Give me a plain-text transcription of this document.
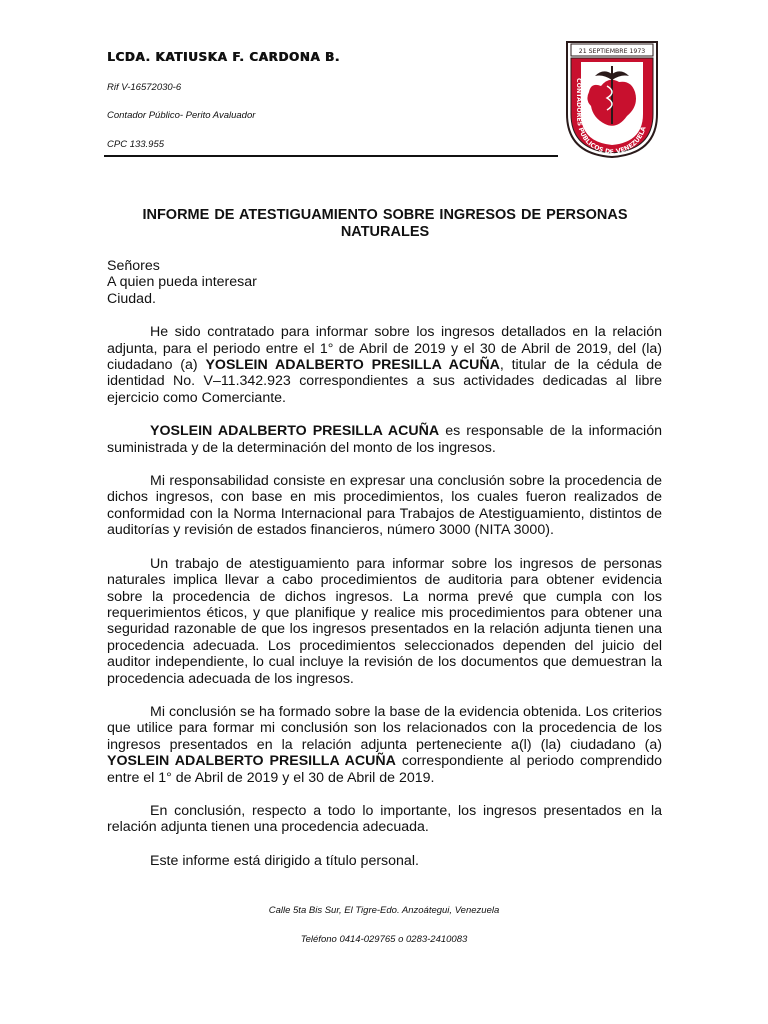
LCDA. KATIUSKA F. CARDONA B.
Rif V-16572030-6
Contador Público- Perito Avaluador
CPC 133.955
21 SEPTIEMBRE 1973
CONTADORES PUBLICOS DE VENEZUELA
INFORME DE ATESTIGUAMIENTO SOBRE INGRESOS DE PERSONAS NATURALES

Señores

A quien pueda interesar

Ciudad.

He sido contratado para informar sobre los ingresos detallados en la relación adjunta, para el periodo entre el 1° de Abril de 2019 y el 30 de Abril de 2019, del (la) ciudadano (a) YOSLEIN ADALBERTO PRESILLA ACUÑA, titular de la cédula de identidad No. V–11.342.923 correspondientes a sus actividades dedicadas al libre ejercicio como Comerciante.

YOSLEIN ADALBERTO PRESILLA ACUÑA es responsable de la información suministrada y de la determinación del monto de los ingresos.

Mi responsabilidad consiste en expresar una conclusión sobre la procedencia de dichos ingresos, con base en mis procedimientos, los cuales fueron realizados de conformidad con la Norma Internacional para Trabajos de Atestiguamiento, distintos de auditorías y revisión de estados financieros, número 3000 (NITA 3000).

Un trabajo de atestiguamiento para informar sobre los ingresos de personas naturales implica llevar a cabo procedimientos de auditoria para obtener evidencia sobre la procedencia de dichos ingresos. La norma prevé que cumpla con los requerimientos éticos, y que planifique y realice mis procedimientos para obtener una seguridad razonable de que los ingresos presentados en la relación adjunta tienen una procedencia adecuada. Los procedimientos seleccionados dependen del juicio del auditor independiente, lo cual incluye la revisión de los documentos que demuestran la procedencia adecuada de los ingresos.

Mi conclusión se ha formado sobre la base de la evidencia obtenida. Los criterios que utilice para formar mi conclusión son los relacionados con la procedencia de los ingresos presentados en la relación adjunta perteneciente a(l) (la) ciudadano (a) YOSLEIN ADALBERTO PRESILLA ACUÑA correspondiente al periodo comprendido entre el 1° de Abril de 2019 y el 30 de Abril de 2019.

En conclusión, respecto a todo lo importante, los ingresos presentados en la relación adjunta tienen una procedencia adecuada.

Este informe está dirigido a título personal.

Calle 5ta Bis Sur, El Tigre-Edo. Anzoátegui, Venezuela
Teléfono 0414-029765 o 0283-2410083
